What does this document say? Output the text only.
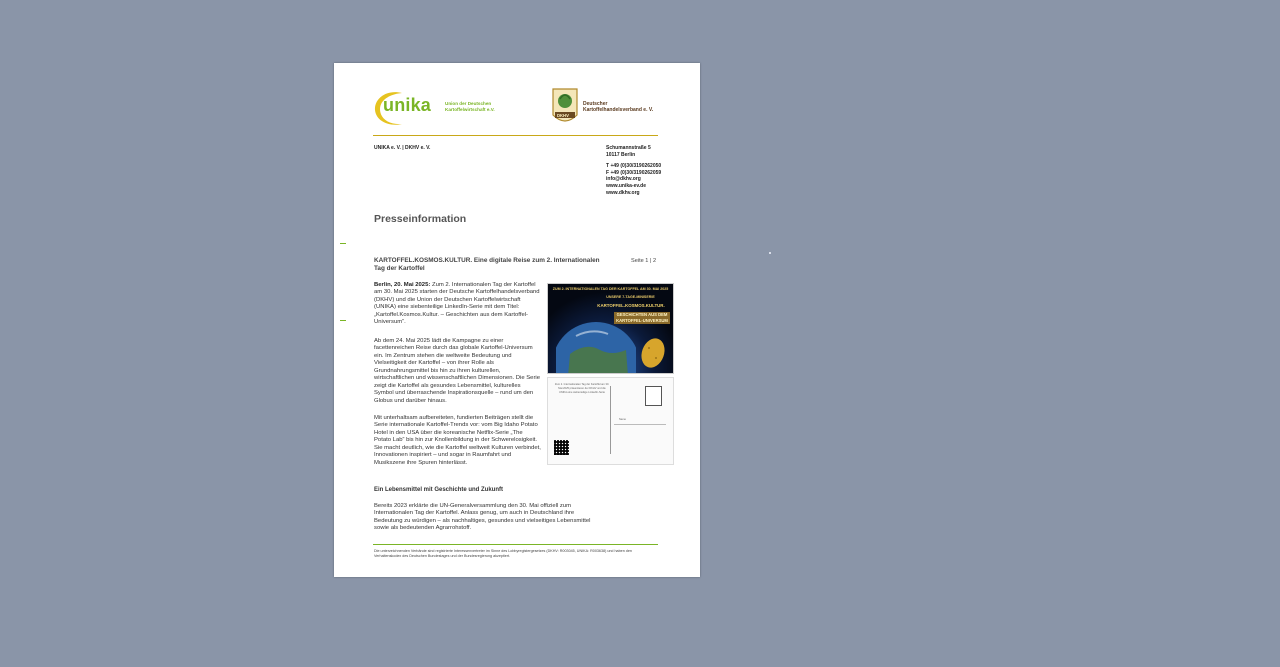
unika	Union der Deutschen
Kartoffelwirtschaft e.V.
DKHV
Deutscher
Kartoffelhandelsverband e. V.
UNIKA e. V. | DKHV e. V.	Schumannstraße 5
10117 Berlin
T +49 (0)30/3190262050
F +49 (0)30/3190262059
info@dkhv.org
www.unika-ev.de
www.dkhv.org
Presseinformation
KARTOFFEL.KOSMOS.KULTUR. Eine digitale Reise zum 2. Internationalen Tag der Kartoffel
Seite 1 | 2
Berlin, 20. Mai 2025: Zum 2. Internationalen Tag der Kartoffel am 30. Mai 2025 starten der Deutsche Kartoffelhandelsverband (DKHV) und die Union der Deutschen Kartoffelwirtschaft (UNIKA) eine siebenteilige LinkedIn-Serie mit dem Titel: „Kartoffel.Kosmos.Kultur. – Geschichten aus dem Kartoffel-Universum“.
Ab dem 24. Mai 2025 lädt die Kampagne zu einer facettenreichen Reise durch das globale Kartoffel-Universum ein. Im Zentrum stehen die weltweite Bedeutung und Vielseitigkeit der Kartoffel – von ihrer Rolle als Grundnahrungsmittel bis hin zu ihren kulturellen, wirtschaftlichen und wissenschaftlichen Dimensionen. Die Serie zeigt die Kartoffel als gesundes Lebensmittel, kulturelles Symbol und überraschende Inspirationsquelle – rund um den Globus und darüber hinaus.
Mit unterhaltsam aufbereiteten, fundierten Beiträgen stellt die Serie internationale Kartoffel-Trends vor: vom Big Idaho Potato Hotel in den USA über die koreanische Netflix-Serie „The Potato Lab“ bis hin zur Knollenbildung in der Schwerelosigkeit. Sie macht deutlich, wie die Kartoffel weltweit Kulturen verbindet, Innovationen inspiriert – und sogar in Raumfahrt und Musikszene ihre Spuren hinterlässt.
Ein Lebensmittel mit Geschichte und Zukunft
Bereits 2023 erklärte die UN-Generalversammlung den 30. Mai offiziell zum Internationalen Tag der Kartoffel. Anlass genug, um auch in Deutschland ihre Bedeutung zu würdigen – als nachhaltiges, gesundes und vielseitiges Lebensmittel sowie als bedeutenden Agrarrohstoff.
ZUM 2. INTERNATIONALEN TAG DER KARTOFFEL AM 30. MAI 2025
UNSERE 7-TAGE-MINISERIE
KARTOFFEL.KOSMOS.KULTUR.
GESCHICHTEN AUS DEM KARTOFFEL-UNIVERSUM
Zum 2. Internationalen Tag der Kartoffel am 30. Mai 2025 präsentieren der DKHV und die UNIKA eine siebenteilige LinkedIn-Serie
Name
Die unterzeichnenden Verbände sind registrierte Interessenvertreter im Sinne des Lobbyregistergesetzes (DKHV: R003045, UNIKA: R003638) und haben den Verhaltenskodex des Deutschen Bundestages und der Bundesregierung akzeptiert.
